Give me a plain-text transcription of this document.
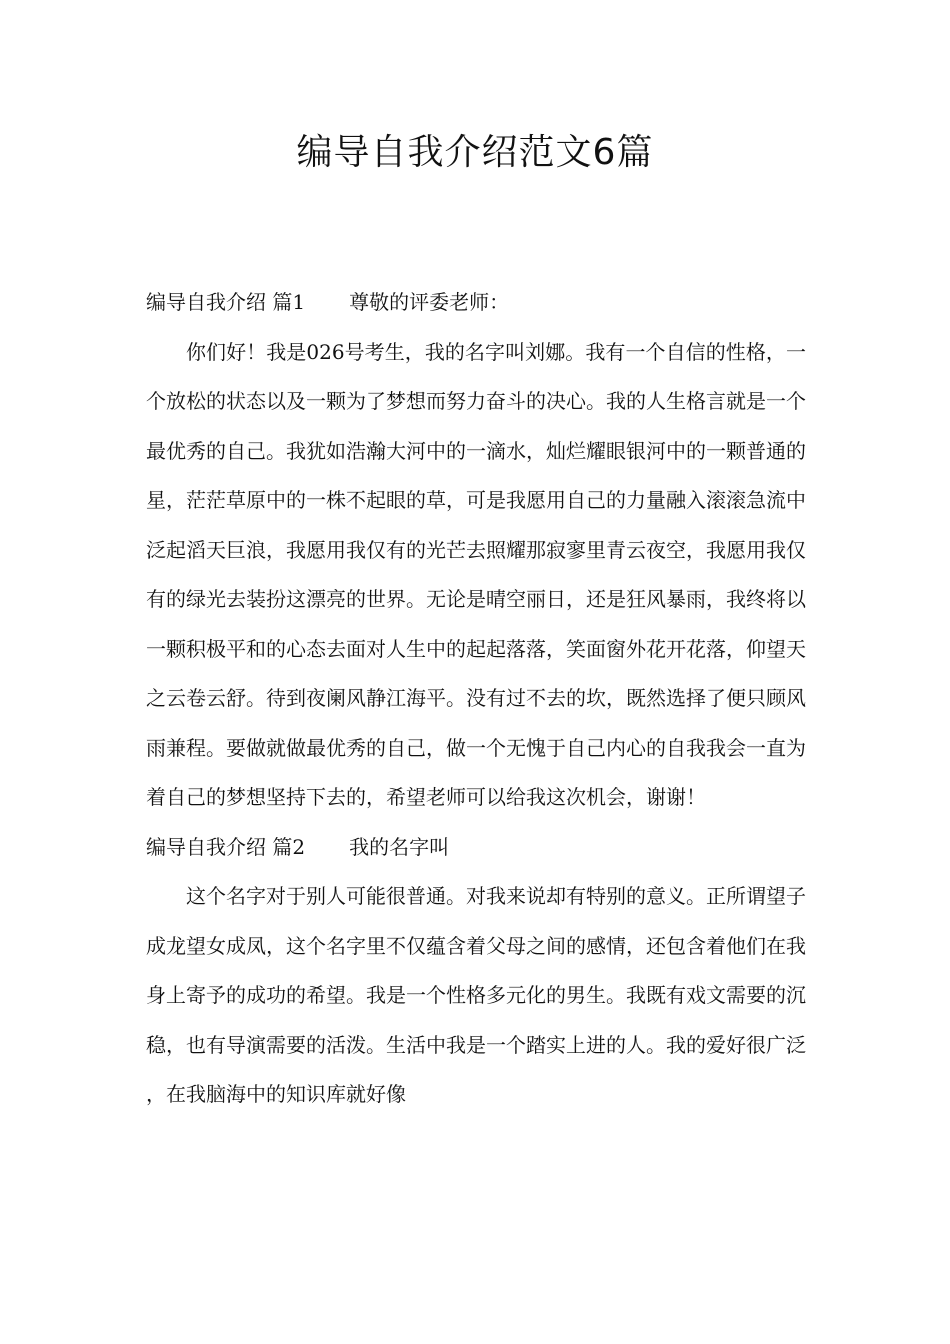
编导自我介绍范文6篇

编导自我介绍 篇1 尊敬的评委老师：

你们好！我是026号考生，我的名字叫刘娜。我有一个自信的性格，一个放松的状态以及一颗为了梦想而努力奋斗的决心。我的人生格言就是一个最优秀的自己。我犹如浩瀚大河中的一滴水，灿烂耀眼银河中的一颗普通的星，茫茫草原中的一株不起眼的草，可是我愿用自己的力量融入滚滚急流中泛起滔天巨浪，我愿用我仅有的光芒去照耀那寂寥里青云夜空，我愿用我仅有的绿光去装扮这漂亮的世界。无论是晴空丽日，还是狂风暴雨，我终将以一颗积极平和的心态去面对人生中的起起落落，笑面窗外花开花落，仰望天之云卷云舒。待到夜阑风静江海平。没有过不去的坎，既然选择了便只顾风雨兼程。要做就做最优秀的自己，做一个无愧于自己内心的自我我会一直为着自己的梦想坚持下去的，希望老师可以给我这次机会，谢谢！

编导自我介绍 篇2 我的名字叫

这个名字对于别人可能很普通。对我来说却有特别的意义。正所谓望子成龙望女成凤，这个名字里不仅蕴含着父母之间的感情，还包含着他们在我身上寄予的成功的希望。我是一个性格多元化的男生。我既有戏文需要的沉稳，也有导演需要的活泼。生活中我是一个踏实上进的人。我的爱好很广泛，在我脑海中的知识库就好像
